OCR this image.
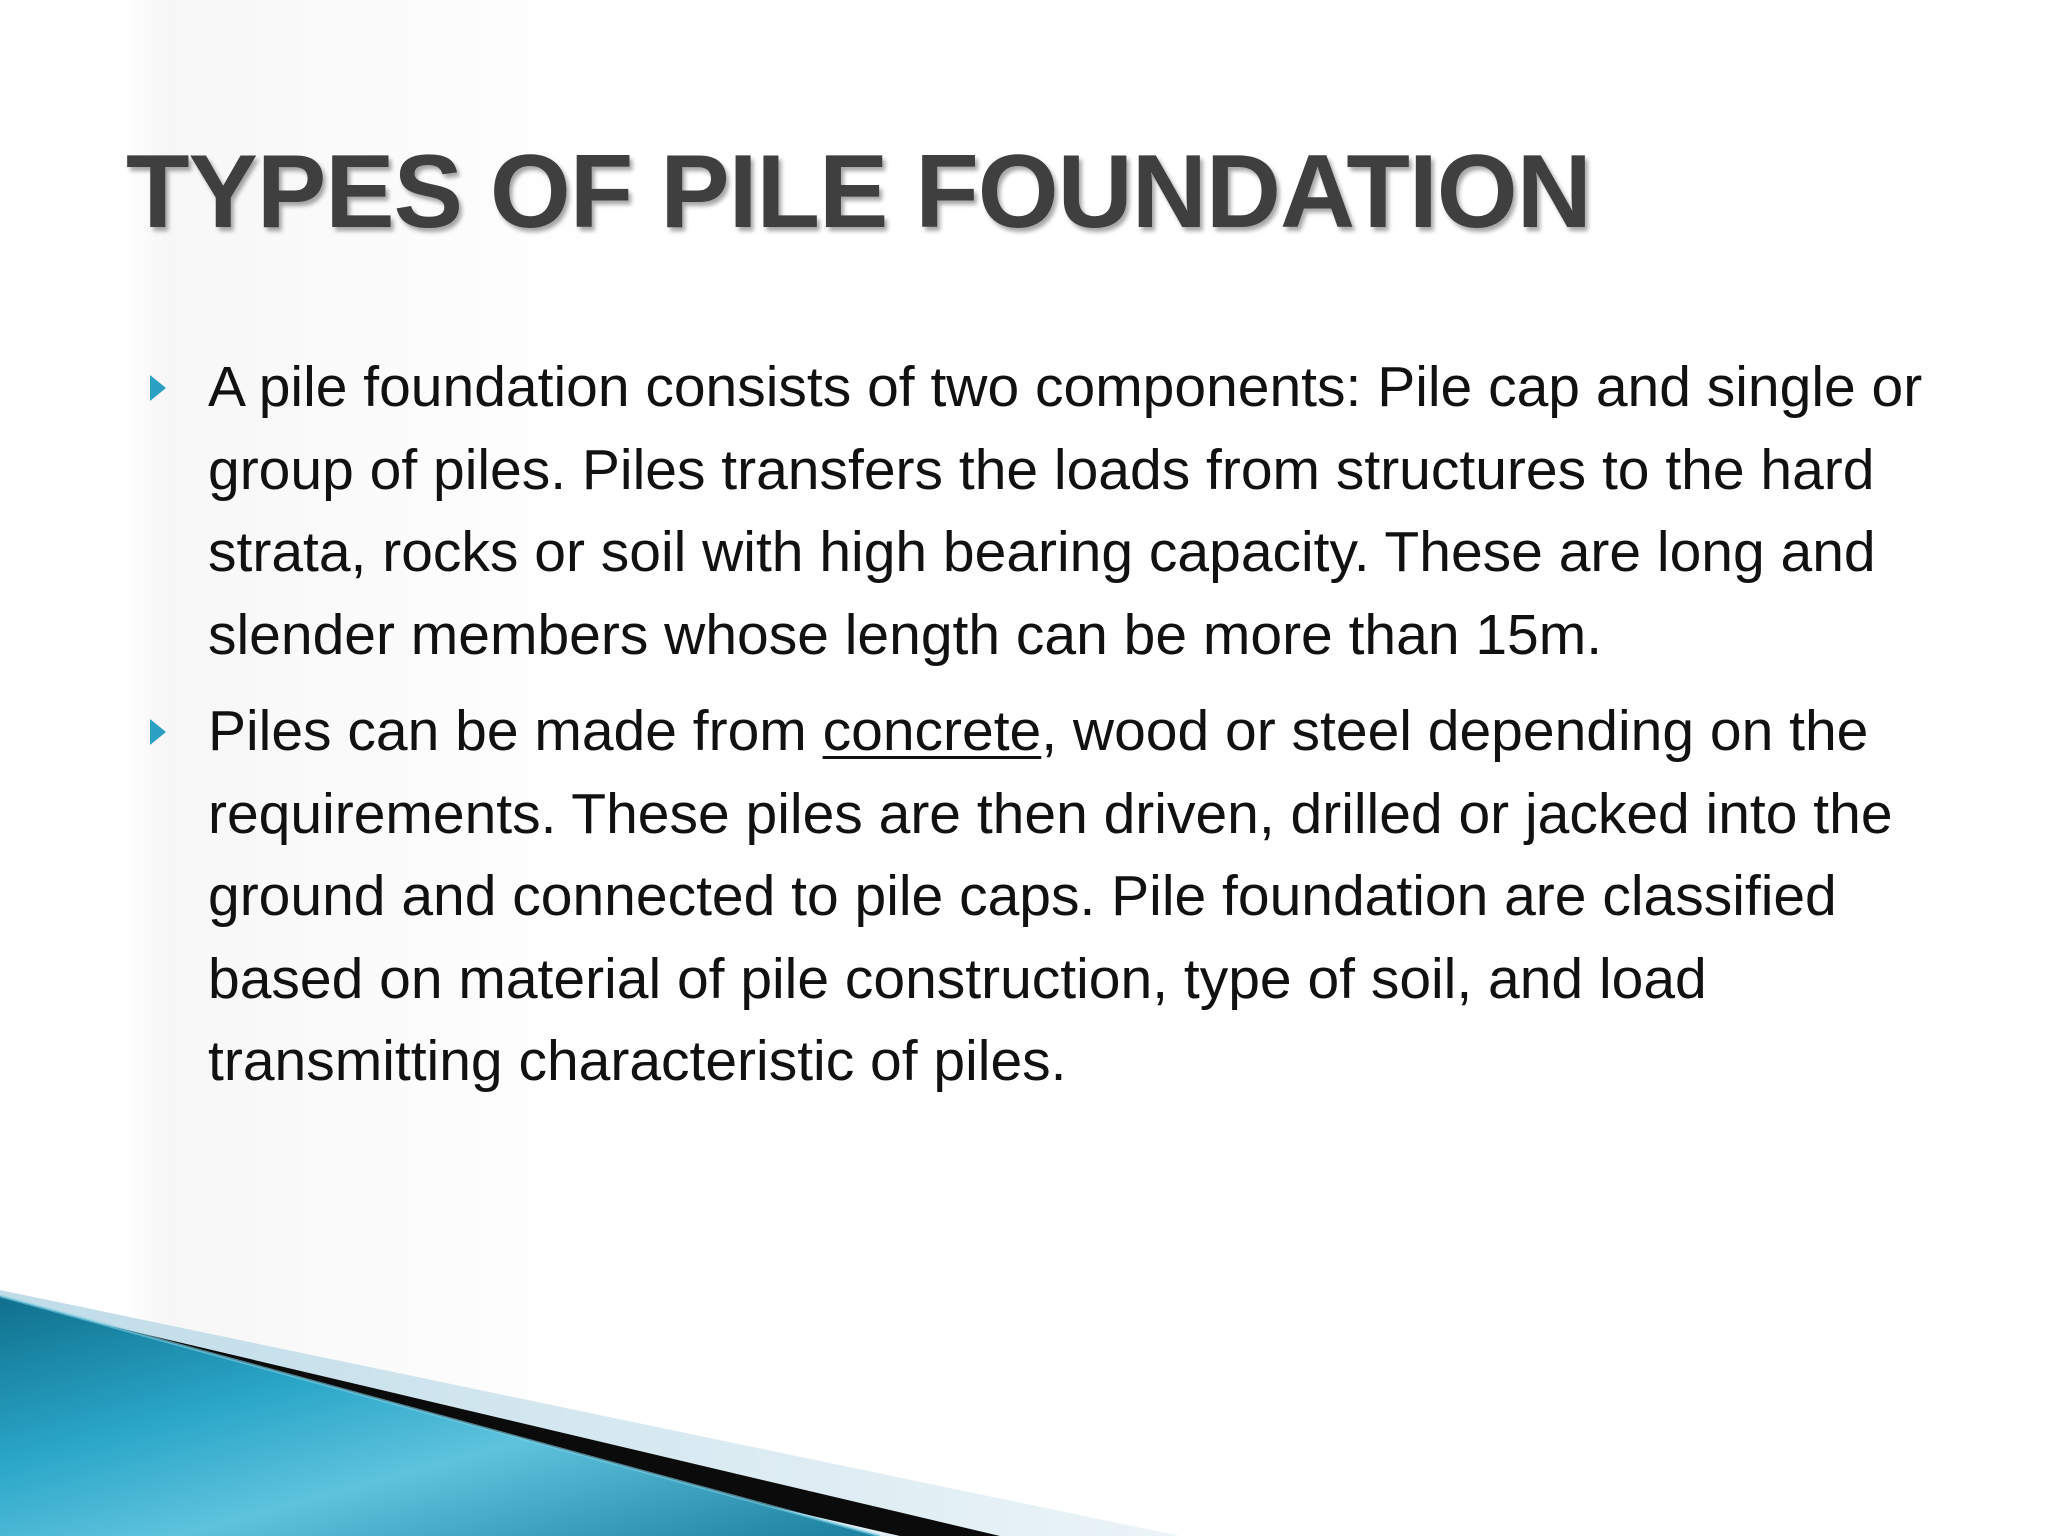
TYPES OF PILE FOUNDATION

A pile foundation consists of two components: Pile cap and single or group of piles. Piles transfers the loads from structures to the hard strata, rocks or soil with high bearing capacity. These are long and slender members whose length can be more than 15m.

Piles can be made from concrete, wood or steel depending on the requirements. These piles are then driven, drilled or jacked into the ground and connected to pile caps. Pile foundation are classified based on material of pile construction, type of soil, and load transmitting characteristic of piles.
